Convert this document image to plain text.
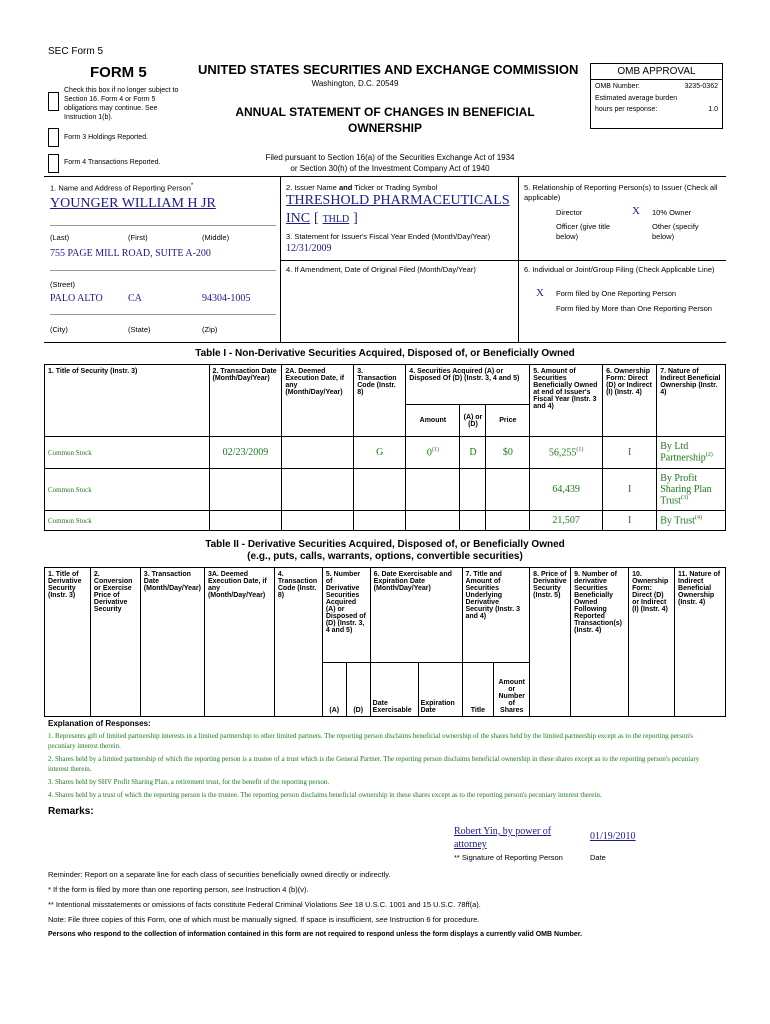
SEC Form 5
FORM 5	UNITED STATES SECURITIES AND EXCHANGE COMMISSION
Washington, D.C. 20549
ANNUAL STATEMENT OF CHANGES IN BENEFICIAL
OWNERSHIP
Filed pursuant to Section 16(a) of the Securities Exchange Act of 1934
or Section 30(h) of the Investment Company Act of 1940
Check this box if no longer subject to Section 16. Form 4 or Form 5 obligations may continue. See Instruction 1(b).
Form 3 Holdings Reported.
Form 4 Transactions Reported.
OMB APPROVAL
OMB Number:	3235-0362
Estimated average burden
hours per response:	1.0
1. Name and Address of Reporting Person*
YOUNGER WILLIAM H JR
(Last)	(First)	(Middle)
755 PAGE MILL ROAD, SUITE A-200
(Street)
PALO ALTO	CA	94304-1005
(City)	(State)	(Zip)
2. Issuer Name and Ticker or Trading Symbol
THRESHOLD PHARMACEUTICALS
INC [ THLD ]
3. Statement for Issuer's Fiscal Year Ended (Month/Day/Year)
12/31/2009
4. If Amendment, Date of Original Filed (Month/Day/Year)
5. Relationship of Reporting Person(s) to Issuer (Check all applicable)
Director	X 10% Owner
Officer (give title below)
Other (specify below)
6. Individual or Joint/Group Filing (Check Applicable Line)
X Form filed by One Reporting Person
Form filed by More than One Reporting Person
Table I - Non-Derivative Securities Acquired, Disposed of, or Beneficially Owned
1. Title of Security (Instr. 3)	2. Transaction Date (Month/Day/Year)	2A. Deemed Execution Date, if any (Month/Day/Year)	3. Transaction Code (Instr. 8)	4. Securities Acquired (A) or Disposed Of (D) (Instr. 3, 4 and 5)			5. Amount of Securities Beneficially Owned at end of Issuer's Fiscal Year (Instr. 3 and 4)	6. Ownership Form: Direct (D) or Indirect (I) (Instr. 4)	7. Nature of Indirect Beneficial Ownership (Instr. 4)
				Amount	(A) or (D)	Price			
Common Stock	02/23/2009		G	0$^{(1)}$	D	$0	56,255$^{(1)}$	I	By Ltd Partnership$^{(2)}$
Common Stock							64,439	I	By Profit Sharing Plan Trust$^{(3)}$
Common Stock							21,507	I	By Trust$^{(4)}$
Table II - Derivative Securities Acquired, Disposed of, or Beneficially Owned
(e.g., puts, calls, warrants, options, convertible securities)
1. Title of Derivative Security (Instr. 3)	2. Conversion or Exercise Price of Derivative Security	3. Transaction Date (Month/Day/Year)	3A. Deemed Execution Date, if any (Month/Day/Year)	4. Transaction Code (Instr. 8)	5. Number of Derivative Securities Acquired (A) or Disposed of (D) (Instr. 3, 4 and 5)		6. Date Exercisable and Expiration Date (Month/Day/Year)		7. Title and Amount of Securities Underlying Derivative Security (Instr. 3 and 4)		8. Price of Derivative Security (Instr. 5)	9. Number of derivative Securities Beneficially Owned Following Reported Transaction(s) (Instr. 4)	10. Ownership Form: Direct (D) or Indirect (I) (Instr. 4)	11. Nature of Indirect Beneficial Ownership (Instr. 4)
					(A)	(D)	Date Exercisable	Expiration Date	Title	Amount or Number of Shares				
Explanation of Responses:
1. Represents gift of limited partnership interests in a limited partnership to other limited partners. The reporting person disclaims beneficial ownership of the shares held by the limited partnership except as to the reporting person's pecuniary interest therein.
2. Shares held by a limited partnership of which the reporting person is a trustee of a trust which is the General Partner. The reporting person disclaims beneficial ownership in these shares except as to the reporting person's pecuniary interest therein.
3. Shares held by SHV Profit Sharing Plan, a retirement trust, for the benefit of the reporting person.
4. Shares held by a trust of which the reporting person is the trustee. The reporting person disclaims beneficial ownership in these shares except as to the reporting person's pecuniary interest therein.
Remarks:
Robert Yin, by power of attorney
01/19/2010
** Signature of Reporting Person	Date
Reminder: Report on a separate line for each class of securities beneficially owned directly or indirectly.
* If the form is filed by more than one reporting person, see Instruction 4 (b)(v).
** Intentional misstatements or omissions of facts constitute Federal Criminal Violations See 18 U.S.C. 1001 and 15 U.S.C. 78ff(a).
Note: File three copies of this Form, one of which must be manually signed. If space is insufficient, see Instruction 6 for procedure.
Persons who respond to the collection of information contained in this form are not required to respond unless the form displays a currently valid OMB Number.
